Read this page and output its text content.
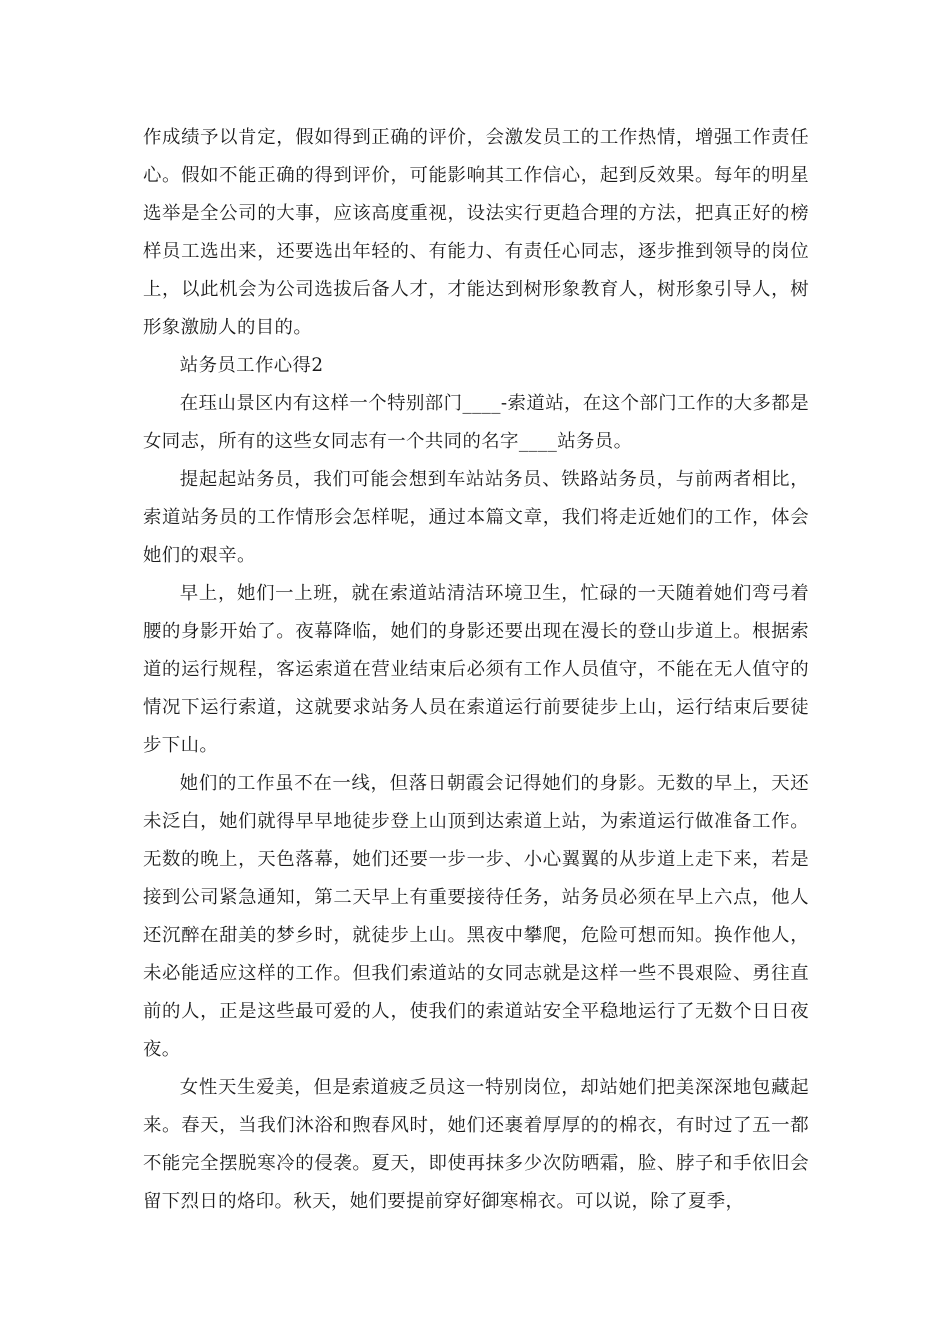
作成绩予以肯定，假如得到正确的评价，会激发员工的工作热情，增强工作责任心。假如不能正确的得到评价，可能影响其工作信心，起到反效果。每年的明星选举是全公司的大事，应该高度重视，设法实行更趋合理的方法，把真正好的榜样员工选出来，还要选出年轻的、有能力、有责任心同志，逐步推到领导的岗位上，以此机会为公司选拔后备人才，才能达到树形象教育人，树形象引导人，树形象激励人的目的。

站务员工作心得2

在珏山景区内有这样一个特别部门____-索道站，在这个部门工作的大多都是女同志，所有的这些女同志有一个共同的名字____站务员。

提起起站务员，我们可能会想到车站站务员、铁路站务员，与前两者相比，索道站务员的工作情形会怎样呢，通过本篇文章，我们将走近她们的工作，体会她们的艰辛。

早上，她们一上班，就在索道站清洁环境卫生，忙碌的一天随着她们弯弓着腰的身影开始了。夜幕降临，她们的身影还要出现在漫长的登山步道上。根据索道的运行规程，客运索道在营业结束后必须有工作人员值守，不能在无人值守的情况下运行索道，这就要求站务人员在索道运行前要徒步上山，运行结束后要徒步下山。

她们的工作虽不在一线，但落日朝霞会记得她们的身影。无数的早上，天还未泛白，她们就得早早地徒步登上山顶到达索道上站，为索道运行做准备工作。无数的晚上，天色落幕，她们还要一步一步、小心翼翼的从步道上走下来，若是接到公司紧急通知，第二天早上有重要接待任务，站务员必须在早上六点，他人还沉醉在甜美的梦乡时，就徒步上山。黑夜中攀爬，危险可想而知。换作他人，未必能适应这样的工作。但我们索道站的女同志就是这样一些不畏艰险、勇往直前的人，正是这些最可爱的人，使我们的索道站安全平稳地运行了无数个日日夜夜。

女性天生爱美，但是索道疲乏员这一特别岗位，却站她们把美深深地包藏起来。春天，当我们沐浴和煦春风时，她们还裹着厚厚的的棉衣，有时过了五一都不能完全摆脱寒冷的侵袭。夏天，即使再抹多少次防晒霜，脸、脖子和手依旧会留下烈日的烙印。秋天，她们要提前穿好御寒棉衣。可以说，除了夏季，
